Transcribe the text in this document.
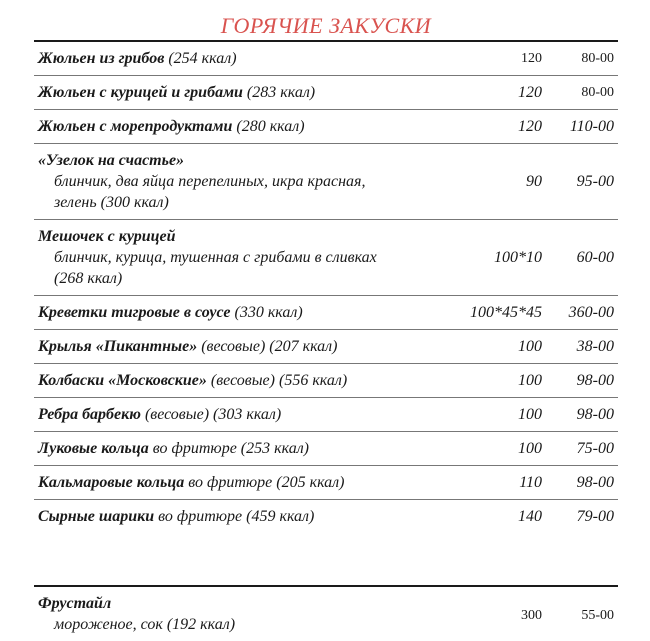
ГОРЯЧИЕ ЗАКУСКИ
Жюльен из грибов (254 ккал)	120	80-00
Жюльен с курицей и грибами (283 ккал)	120	80-00
Жюльен с морепродуктами (280 ккал)	120 110-00
«Узелок на счастье»
блинчик, два яйца перепелиных, икра красная,
зелень (300 ккал)
90 95-00
Мешочек с курицей
блинчик, курица, тушенная с грибами в сливках
(268 ккал)
100*10 60-00
Креветки тигровые в соусе (330 ккал)	100*45*45 360-00
Крылья «Пикантные» (весовые) (207 ккал)	100 38-00
Колбаски «Московские» (весовые) (556 ккал)	100 98-00
Ребра барбекю (весовые) (303 ккал)	100 98-00
Луковые кольца во фритюре (253 ккал)	100 75-00
Кальмаровые кольца во фритюре (205 ккал)	110 98-00
Сырные шарики во фритюре (459 ккал)	140 79-00
Фрустайл
мороженое, сок (192 ккал)
300	55-00
